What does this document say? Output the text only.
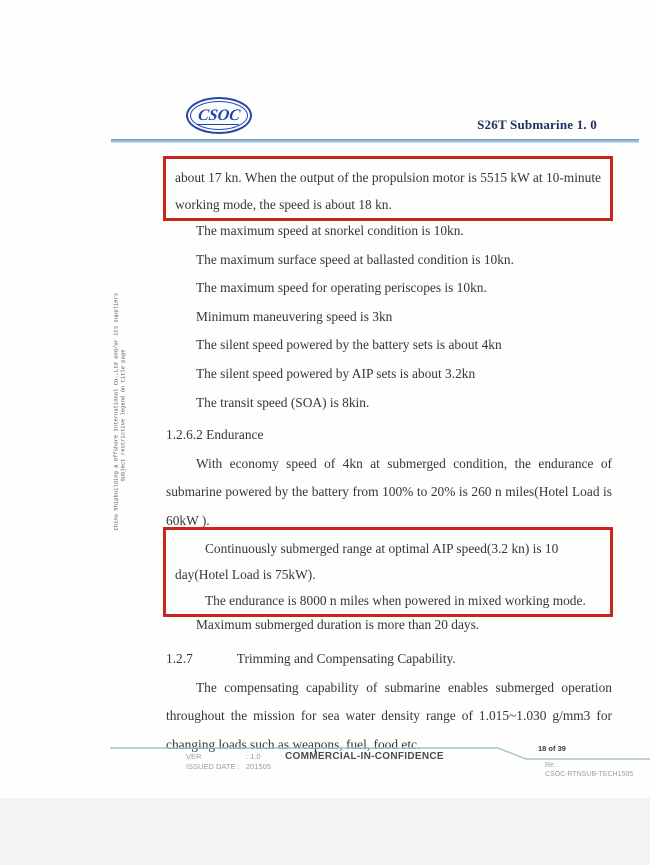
CSOC
S26T Submarine 1. 0
China Shipbuilding & Offshore International Co.,Ltd and/or its suppliers Subject restrictive legend on title page

about 17 kn. When the output of the propulsion motor is 5515 kW at 10-minute working mode, the speed is about 18 kn.

The maximum speed at snorkel condition is 10kn.

The maximum surface speed at ballasted condition is 10kn.

The maximum speed for operating periscopes is 10kn.

Minimum maneuvering speed is 3kn

The silent speed powered by the battery sets is about 4kn

The silent speed powered by AIP sets is about 3.2kn

The transit speed (SOA) is 8kin.

1.2.6.2 Endurance

With economy speed of 4kn at submerged condition, the endurance of submarine powered by the battery from 100% to 20% is 260 n miles(Hotel Load is 60kW ).

Continuously submerged range at optimal AIP speed(3.2 kn) is 10 day(Hotel Load is 75kW).

The endurance is 8000 n miles when powered in mixed working mode.

Maximum submerged duration is more than 20 days.

1.2.7	Trimming and Compensating Capability.

The compensating capability of submarine enables submerged operation throughout the mission for sea water density range of 1.015~1.030 g/mm3 for changing loads such as weapons, fuel, food etc.

VER	: 1.0
ISSUED DATE : 201505
COMMERCIAL-IN-CONFIDENCE
18 of 39
Re.
CSOC-RTNSUB-TECH1505
